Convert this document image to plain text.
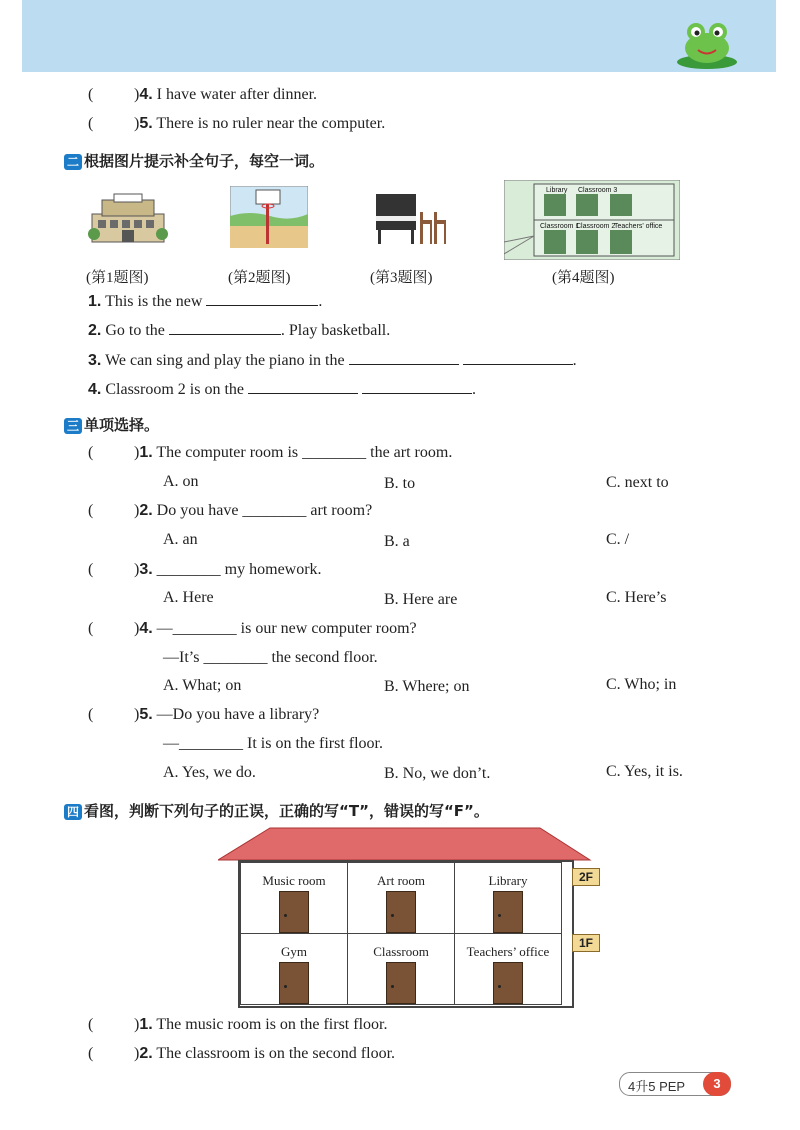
(	)4. I have water after dinner.
(	)5. There is no ruler near the computer.
二 根据图片提示补全句子，每空一词。
Library Classroom 3
Classroom 1
Classroom 2
Teachers' office
(第1题图)	(第2题图)	(第3题图)	(第4题图)
1. This is the new	.
2. Go to the	. Play basketball.
3. We can sing and play the piano in the	.
4. Classroom 2 is on the	.
三 单项选择。
(	)1. The computer room is ________ the art room.
A. on	B. to	C. next to
(	)2. Do you have ________ art room?
A. an	B. a	C. /
(	)3. ________ my homework.
A. Here	B. Here are	C. Here’s
(	)4. —________ is our new computer room?
—It’s ________ the second floor.
A. What; on	B. Where; on	C. Who; in
(	)5. —Do you have a library?
—________ It is on the first floor.
A. Yes, we do.	B. No, we don’t.	C. Yes, it is.
四 看图，判断下列句子的正误，正确的写“T”，错误的写“F”。
Music room	Art room	Library
Gym	Classroom	Teachers’ office
2F
1F
(	)1. The music room is on the first floor.
(	)2. The classroom is on the second floor.
4升5 PEP	3
